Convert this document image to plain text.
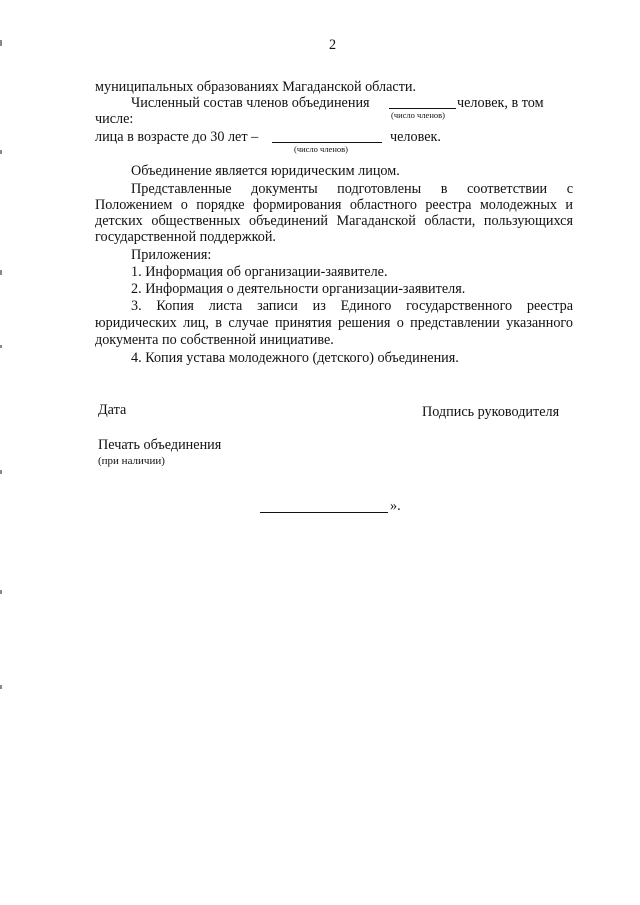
2
муниципальных образованиях Магаданской области.
Численный состав членов объединения	человек, в том
числе:	(число членов)
лица в возрасте до 30 лет –	человек.
(число членов)
Объединение является юридическим лицом.
Представленные документы подготовлены в соответствии с
Положением о порядке формирования областного реестра молодежных и
детских общественных объединений Магаданской области, пользующихся
государственной поддержкой.
Приложения:
1. Информация об организации-заявителе.
2. Информация о деятельности организации-заявителя.
3. Копия листа записи из Единого государственного реестра
юридических лиц, в случае принятия решения о представлении указанного
документа по собственной инициативе.
4. Копия устава молодежного (детского) объединения.
Дата	Подпись руководителя
Печать объединения
(при наличии)
».
